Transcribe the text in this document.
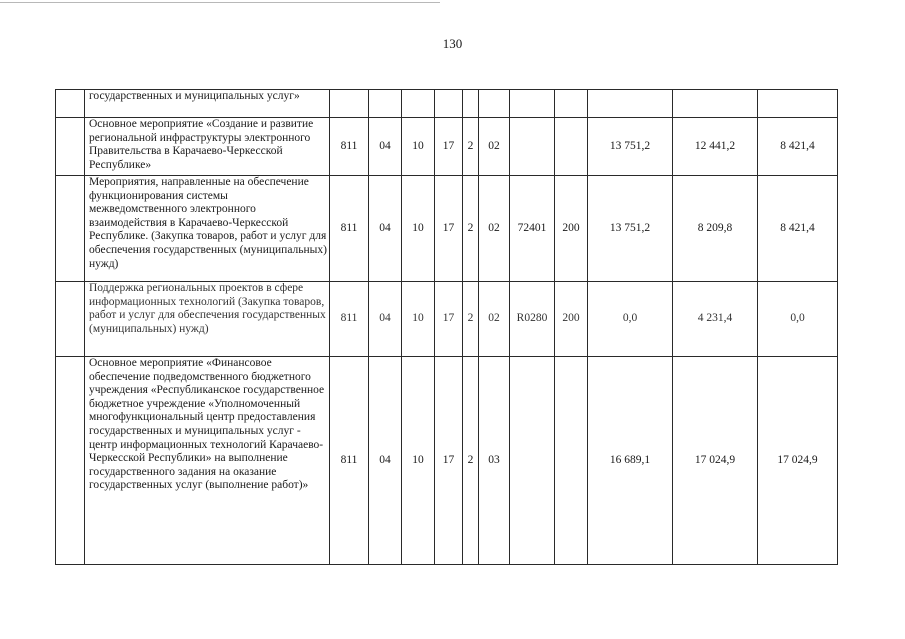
130
	государственных и муниципальных услуг»											
	Основное мероприятие «Создание и развитие региональной инфраструктуры электронного Правительства в Карачаево-Черкесской Республике»	811	04	10	17	2	02			13 751,2	12 441,2	8 421,4
	Мероприятия, направленные на обеспечение функционирования системы межведомственного электронного взаимодействия в Карачаево-Черкесской Республике. (Закупка товаров, работ и услуг для обеспечения государственных (муниципальных) нужд)	811	04	10	17	2	02	72401	200	13 751,2	8 209,8	8 421,4
	Поддержка региональных проектов в сфере информационных технологий (Закупка товаров, работ и услуг для обеспечения государственных (муниципальных) нужд)	811	04	10	17	2	02	R0280	200	0,0	4 231,4	0,0
	Основное мероприятие «Финансовое обеспечение подведомственного бюджетного учреждения «Республиканское государственное бюджетное учреждение «Уполномоченный многофункциональный центр предоставления государственных и муниципальных услуг - центр информационных технологий Карачаево-Черкесской Республики» на выполнение государственного задания на оказание государственных услуг (выполнение работ)»	811	04	10	17	2	03			16 689,1	17 024,9	17 024,9
